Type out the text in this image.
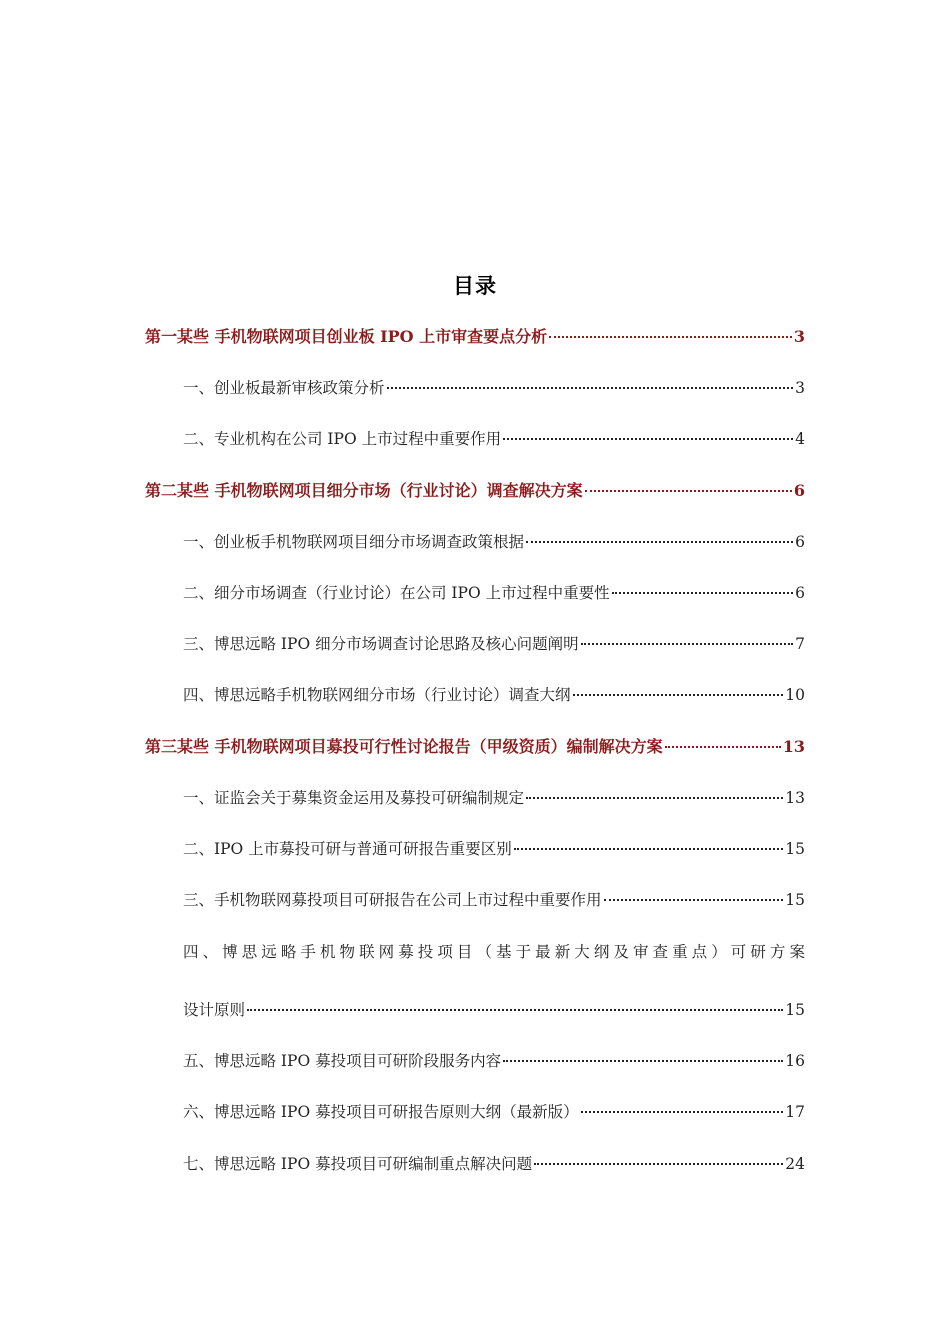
目录
第一某些 手机物联网项目创业板 IPO 上市审查要点分析	3
一、创业板最新审核政策分析	3
二、专业机构在公司 IPO 上市过程中重要作用	4
第二某些 手机物联网项目细分市场（行业讨论）调查解决方案	6
一、创业板手机物联网项目细分市场调查政策根据	6
二、细分市场调查（行业讨论）在公司 IPO 上市过程中重要性	6
三、博思远略 IPO 细分市场调查讨论思路及核心问题阐明	7
四、博思远略手机物联网细分市场（行业讨论）调查大纲	10
第三某些 手机物联网项目募投可行性讨论报告（甲级资质）编制解决方案	13
一、证监会关于募集资金运用及募投可研编制规定	13
二、IPO 上市募投可研与普通可研报告重要区别	15
三、手机物联网募投项目可研报告在公司上市过程中重要作用	15
四、博思远略手机物联网募投项目（基于最新大纲及审查重点）可研方案
设计原则	15
五、博思远略 IPO 募投项目可研阶段服务内容	16
六、博思远略 IPO 募投项目可研报告原则大纲（最新版）	17
七、博思远略 IPO 募投项目可研编制重点解决问题	24
